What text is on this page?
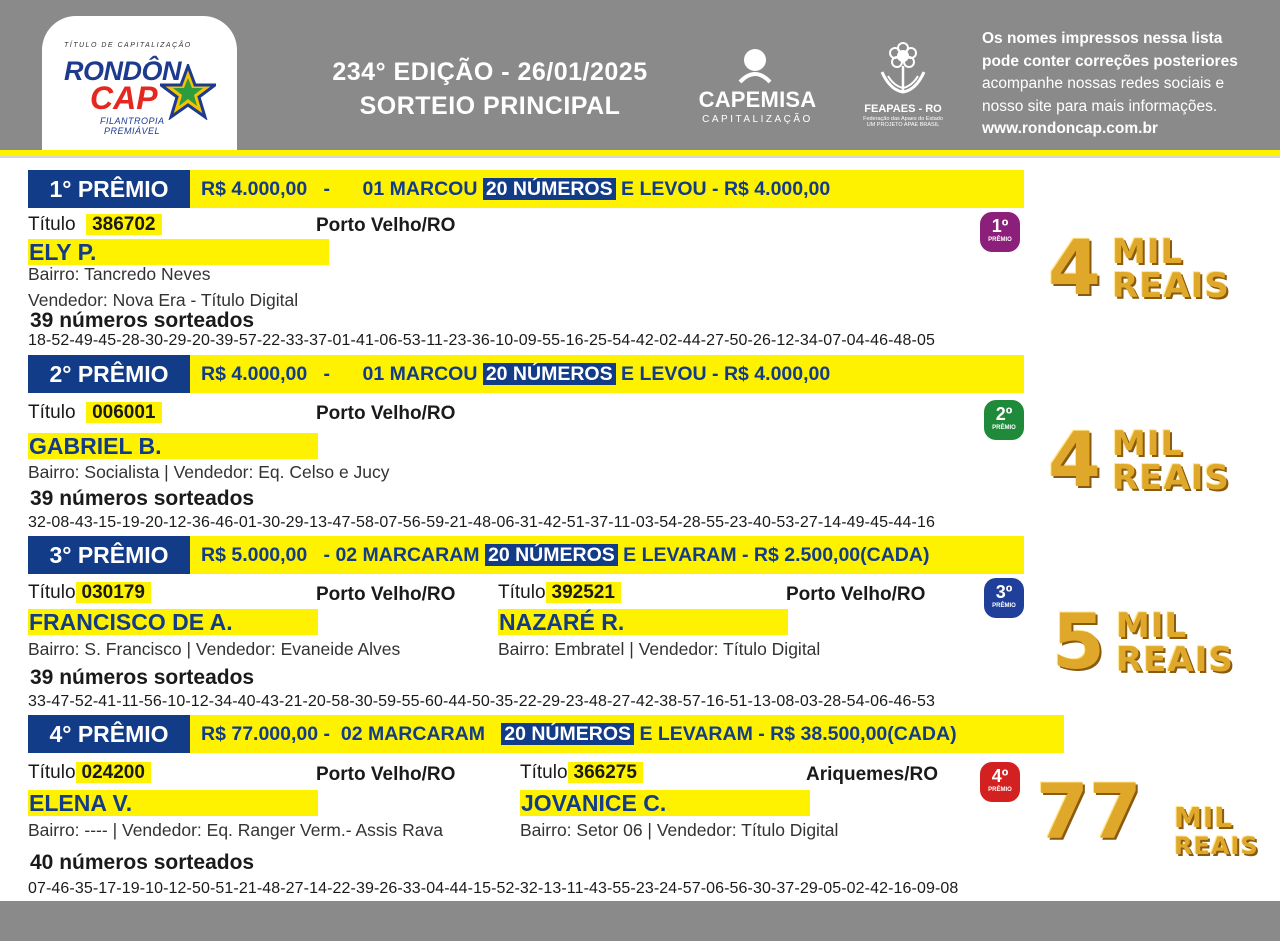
TÍTULO DE CAPITALIZAÇÃO
RONDÔN
CAP
FILANTROPIA
PREMIÁVEL
234° EDIÇÃO - 26/01/2025
SORTEIO PRINCIPAL	CAPEMISA
CAPITALIZAÇÃO
FEAPAES - RO
Federação das Apaes do Estado
UM PROJETO APAE BRASIL
Os nomes impressos nessa lista
pode conter correções posteriores
acompanhe nossas redes sociais e
nosso site para mais informações.
www.rondoncap.com.br
1° PRÊMIO	R$ 4.000,00 - 01 MARCOU 20 NÚMEROS E LEVOU - R$ 4.000,00
Título 386702	Porto Velho/RO
ELY P.
Bairro: Tancredo Neves
Vendedor: Nova Era - Título Digital
39 números sorteados
18-52-49-45-28-30-29-20-39-57-22-33-37-01-41-06-53-11-23-36-10-09-55-16-25-54-42-02-44-27-50-26-12-34-07-04-46-48-05
1º
PRÊMIO 4 MIL
REAIS
2° PRÊMIO	R$ 4.000,00 - 01 MARCOU 20 NÚMEROS E LEVOU - R$ 4.000,00
Título 006001	Porto Velho/RO
GABRIEL B.
Bairro: Socialista | Vendedor: Eq. Celso e Jucy
39 números sorteados
32-08-43-15-19-20-12-36-46-01-30-29-13-47-58-07-56-59-21-48-06-31-42-51-37-11-03-54-28-55-23-40-53-27-14-49-45-44-16
2º
PRÊMIO 4 MIL
REAIS
3° PRÊMIO	R$ 5.000,00 - 02 MARCARAM 20 NÚMEROS E LEVARAM - R$ 2.500,00(CADA)
Título 030179	Porto Velho/RO
FRANCISCO DE A.
Bairro: S. Francisco | Vendedor: Evaneide Alves
Título 392521	Porto Velho/RO
NAZARÉ R.
Bairro: Embratel | Vendedor: Título Digital
39 números sorteados
33-47-52-41-11-56-10-12-34-40-43-21-20-58-30-59-55-60-44-50-35-22-29-23-48-27-42-38-57-16-51-13-08-03-28-54-06-46-53
3º
PRÊMIO 5 MIL
REAIS
4° PRÊMIO	R$ 77.000,00 - 02 MARCARAM 20 NÚMEROS E LEVARAM - R$ 38.500,00(CADA)
Título 024200	Porto Velho/RO
ELENA V.
Bairro: ---- | Vendedor: Eq. Ranger Verm.- Assis Rava
Título 366275	Ariquemes/RO
JOVANICE C.
Bairro: Setor 06 | Vendedor: Título Digital
40 números sorteados
07-46-35-17-19-10-12-50-51-21-48-27-14-22-39-26-33-04-44-15-52-32-13-11-43-55-23-24-57-06-56-30-37-29-05-02-42-16-09-08
4º
PRÊMIO 77 MIL
REAIS
